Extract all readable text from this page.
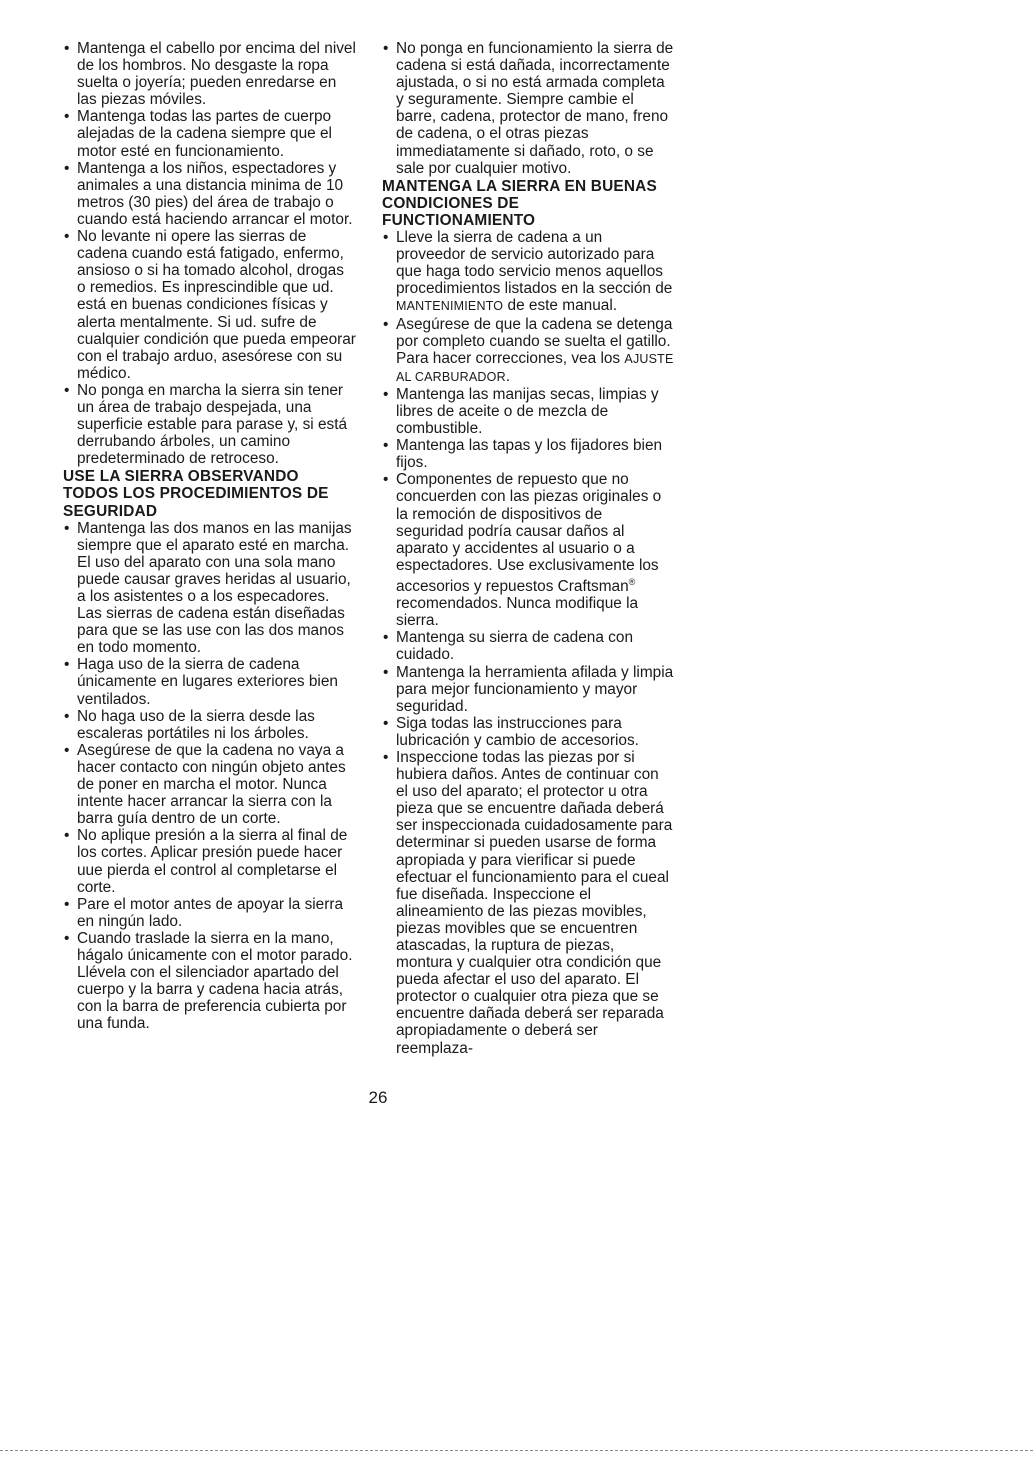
• Mantenga el cabello por encima del nivel de los hombros. No desgaste la ropa suelta o joyería; pueden enredarse en las piezas móviles.
• Mantenga todas las partes de cuerpo alejadas de la cadena siempre que el motor esté en funcionamiento.
• Mantenga a los niños, espectadores y animales a una distancia minima de 10 metros (30 pies) del área de trabajo o cuando está haciendo arrancar el motor.
• No levante ni opere las sierras de cadena cuando está fatigado, enfermo, ansioso o si ha tomado alcohol, drogas o remedios. Es inprescindible que ud. está en buenas condiciones físicas y alerta mentalmente. Si ud. sufre de cualquier condición que pueda empeorar con el trabajo arduo, asesórese con su médico.
• No ponga en marcha la sierra sin tener un área de trabajo despejada, una superficie estable para parase y, si está derrubando árboles, un camino predeterminado de retroceso.
USE LA SIERRA OBSERVANDO TODOS LOS PROCEDIMIENTOS DE SEGURIDAD
• Mantenga las dos manos en las manijas siempre que el aparato esté en marcha. El uso del aparato con una sola mano puede causar graves heridas al usuario, a los asistentes o a los especadores. Las sierras de cadena están diseñadas para que se las use con las dos manos en todo momento.
• Haga uso de la sierra de cadena únicamente en lugares exteriores bien ventilados.
• No haga uso de la sierra desde las escaleras portátiles ni los árboles.
• Asegúrese de que la cadena no vaya a hacer contacto con ningún objeto antes de poner en marcha el motor. Nunca intente hacer arrancar la sierra con la barra guía dentro de un corte.
• No aplique presión a la sierra al final de los cortes. Aplicar presión puede hacer uue pierda el control al completarse el corte.
• Pare el motor antes de apoyar la sierra en ningún lado.
• Cuando traslade la sierra en la mano, hágalo únicamente con el motor parado. Llévela con el silenciador apartado del cuerpo y la barra y cadena hacia atrás, con la barra de preferencia cubierta por una funda.
• No ponga en funcionamiento la sierra de cadena si está dañada, incorrectamente ajustada, o si no está armada completa y seguramente. Siempre cambie el barre, cadena, protector de mano, freno de cadena, o el otras piezas immediatamente si dañado, roto, o se sale por cualquier motivo.
MANTENGA LA SIERRA EN BUENAS CONDICIONES DE FUNCTIONAMIENTO
• Lleve la sierra de cadena a un proveedor de servicio autorizado para que haga todo servicio menos aquellos procedimientos listados en la sección de MANTENIMIENTO de este manual.
• Asegúrese de que la cadena se detenga por completo cuando se suelta el gatillo. Para hacer correcciones, vea los AJUSTE AL CARBURADOR.
• Mantenga las manijas secas, limpias y libres de aceite o de mezcla de combustible.
• Mantenga las tapas y los fijadores bien fijos.
• Componentes de repuesto que no concuerden con las piezas originales o la remoción de dispositivos de seguridad podría causar daños al aparato y accidentes al usuario o a espectadores. Use exclusivamente los accesorios y repuestos Craftsman® recomendados. Nunca modifique la sierra.
• Mantenga su sierra de cadena con cuidado.
• Mantenga la herramienta afilada y limpia para mejor funcionamiento y mayor seguridad.
• Siga todas las instrucciones para lubricación y cambio de accesorios.
• Inspeccione todas las piezas por si hubiera daños. Antes de continuar con el uso del aparato; el protector u otra pieza que se encuentre dañada deberá ser inspeccionada cuidadosamente para determinar si pueden usarse de forma apropiada y para vierificar si puede efectuar el funcionamiento para el cueal fue diseñada. Inspeccione el alineamiento de las piezas movibles, piezas movibles que se encuentren atascadas, la ruptura de piezas, montura y cualquier otra condición que pueda afectar el uso del aparato. El protector o cualquier otra pieza que se encuentre dañada deberá ser reparada apropiadamente o deberá ser reemplaza-
26
